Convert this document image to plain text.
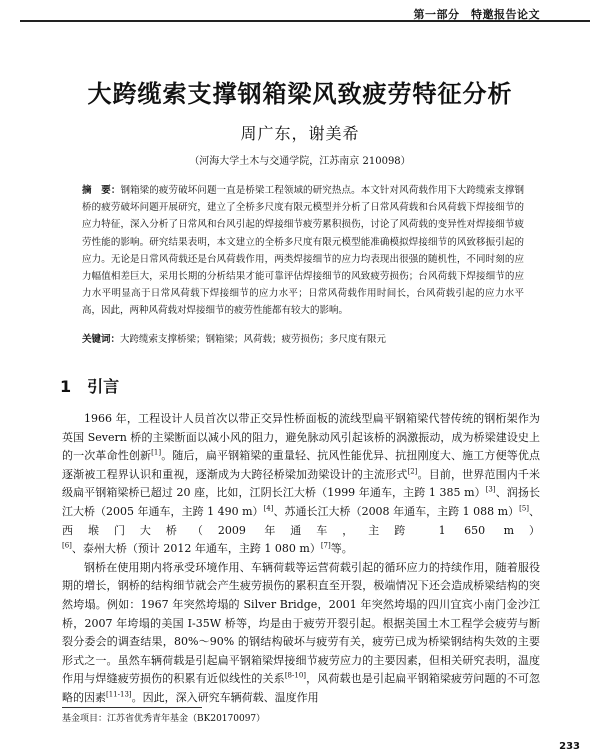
第一部分　特邀报告论文
大跨缆索支撑钢箱梁风致疲劳特征分析
周广东，谢美希
（河海大学土木与交通学院，江苏南京 210098）
摘　要：钢箱梁的疲劳破坏问题一直是桥梁工程领域的研究热点。本文针对风荷载作用下大跨缆索支撑钢桥的疲劳破坏问题开展研究，建立了全桥多尺度有限元模型并分析了日常风荷载和台风荷载下焊接细节的应力特征，深入分析了日常风和台风引起的焊接细节疲劳累积损伤，讨论了风荷载的变异性对焊接细节疲劳性能的影响。研究结果表明，本文建立的全桥多尺度有限元模型能准确模拟焊接细节的风致移振引起的应力。无论是日常风荷载还是台风荷载作用，两类焊接细节的应力均表现出很强的随机性，不同时刻的应力幅值相差巨大，采用长期的分析结果才能可靠评估焊接细节的风致疲劳损伤；台风荷载下焊接细节的应力水平明显高于日常风荷载下焊接细节的应力水平；日常风荷载作用时间长，台风荷载引起的应力水平高，因此，两种风荷载对焊接细节的疲劳性能都有较大的影响。
关键词：大跨缆索支撑桥梁；钢箱梁；风荷载；疲劳损伤；多尺度有限元
1 引言

1966 年，工程设计人员首次以带正交异性桥面板的流线型扁平钢箱梁代替传统的钢桁架作为英国 Severn 桥的主梁断面以减小风的阻力，避免脉动风引起该桥的涡激振动，成为桥梁建设史上的一次革命性创新[1]。随后，扁平钢箱梁的重量轻、抗风性能优异、抗扭刚度大、施工方便等优点逐渐被工程界认识和重视，逐渐成为大跨径桥梁加劲梁设计的主流形式[2]。目前，世界范围内千米级扁平钢箱梁桥已超过 20 座，比如，江阴长江大桥（1999 年通车，主跨 1 385 m）[3]、润扬长江大桥（2005 年通车，主跨 1 490 m）[4]、苏通长江大桥（2008 年通车，主跨 1 088 m）[5]、西堠门大桥（2009 年通车，主跨 1 650 m）[6]、泰州大桥（预计 2012 年通车，主跨 1 080 m）[7]等。

钢桥在使用期内将承受环境作用、车辆荷载等运营荷载引起的循环应力的持续作用，随着服役期的增长，钢桥的结构细节就会产生疲劳损伤的累积直至开裂，极端情况下还会造成桥梁结构的突然垮塌。例如：1967 年突然垮塌的 Silver Bridge，2001 年突然垮塌的四川宜宾小南门金沙江桥，2007 年垮塌的美国 I-35W 桥等，均是由于疲劳开裂引起。根据美国土木工程学会疲劳与断裂分委会的调查结果，80%～90% 的钢结构破坏与疲劳有关，疲劳已成为桥梁钢结构失效的主要形式之一。虽然车辆荷载是引起扁平钢箱梁焊接细节疲劳应力的主要因素，但相关研究表明，温度作用与焊缝疲劳损伤的积累有近似线性的关系[8-10]，风荷载也是引起扁平钢箱梁疲劳问题的不可忽略的因素[11-13]。因此，深入研究车辆荷载、温度作用

基金项目：江苏省优秀青年基金（BK20170097）
233
